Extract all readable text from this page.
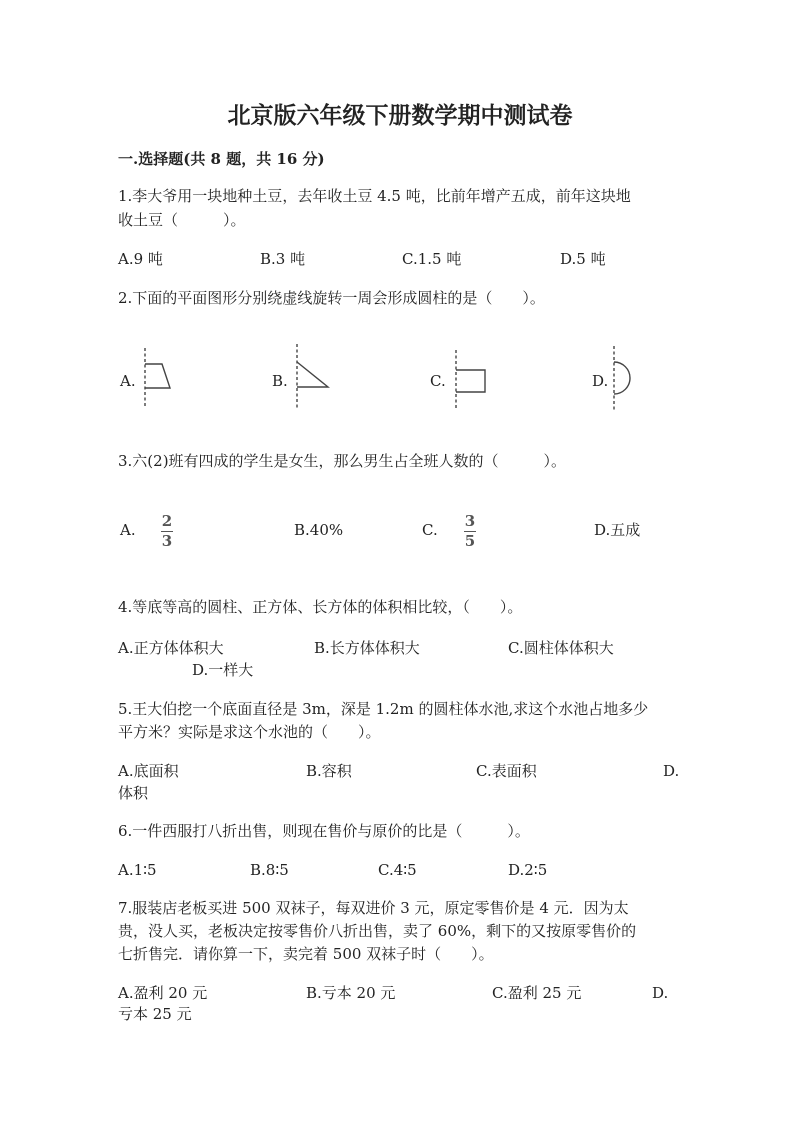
北京版六年级下册数学期中测试卷
一.选择题(共 8 题，共 16 分)
1.李大爷用一块地种土豆，去年收土豆 4.5 吨，比前年增产五成，前年这块地
收土豆（　　　）。
A.9 吨	B.3 吨	C.1.5 吨	D.5 吨
2.下面的平面图形分别绕虚线旋转一周会形成圆柱的是（　　）。
A.	B.	C.	D.
3.六(2)班有四成的学生是女生，那么男生占全班人数的（　　　）。
A. 2
3
B.40%	C. 3
5
D.五成
4.等底等高的圆柱、正方体、长方体的体积相比较，（　　）。
A.正方体体积大	B.长方体体积大	C.圆柱体体积大
D.一样大
5.王大伯挖一个底面直径是 3m，深是 1.2m 的圆柱体水池,求这个水池占地多少
平方米？实际是求这个水池的（　　）。
A.底面积	B.容积	C.表面积	D.
体积
6.一件西服打八折出售，则现在售价与原价的比是（　　　）。
A.1∶5	B.8∶5	C.4∶5	D.2∶5
7.服装店老板买进 500 双袜子，每双进价 3 元，原定零售价是 4 元．因为太
贵，没人买，老板决定按零售价八折出售，卖了 60%，剩下的又按原零售价的
七折售完．请你算一下，卖完着 500 双袜子时（　　）。
A.盈利 20 元	B.亏本 20 元	C.盈利 25 元	D.
亏本 25 元
